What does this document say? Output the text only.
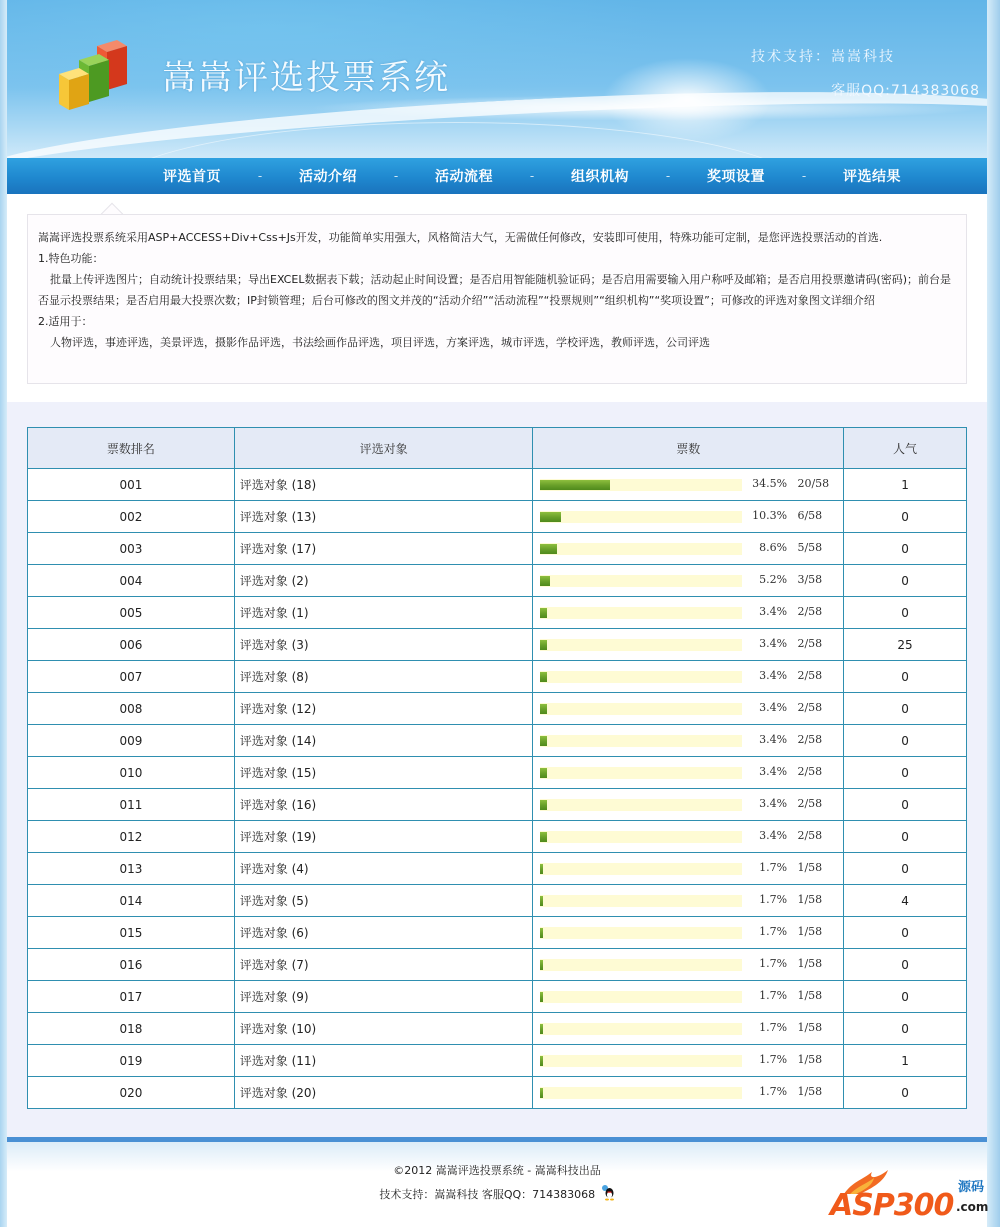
嵩嵩评选投票系统
技术支持：嵩嵩科技
客服QQ:714383068
评选首页	-	活动介绍	-	活动流程	-	组织机构	-	奖项设置	-	评选结果

嵩嵩评选投票系统采用ASP+ACCESS+Div+Css+Js开发，功能简单实用强大，风格简洁大气，无需做任何修改，安装即可使用，特殊功能可定制，是您评选投票活动的首选.

1.特色功能：

批量上传评选图片；自动统计投票结果；导出EXCEL数据表下载；活动起止时间设置；是否启用智能随机验证码；是否启用需要输入用户称呼及邮箱；是否启用投票邀请码(密码)；前台是否显示投票结果；是否启用最大投票次数；IP封锁管理；后台可修改的图文并茂的“活动介绍”“活动流程”“投票规则”“组织机构”“奖项设置”；可修改的评选对象图文详细介绍

2.适用于：

人物评选，事迹评选，美景评选，摄影作品评选，书法绘画作品评选，项目评选，方案评选，城市评选，学校评选，教师评选，公司评选

票数排名	评选对象	票数	人气
001	评选对象 (18)	34.5% 20/58	1
002	评选对象 (13)	10.3% 6/58	0
003	评选对象 (17)	8.6% 5/58	0
004	评选对象 (2)	5.2% 3/58	0
005	评选对象 (1)	3.4% 2/58	0
006	评选对象 (3)	3.4% 2/58	25
007	评选对象 (8)	3.4% 2/58	0
008	评选对象 (12)	3.4% 2/58	0
009	评选对象 (14)	3.4% 2/58	0
010	评选对象 (15)	3.4% 2/58	0
011	评选对象 (16)	3.4% 2/58	0
012	评选对象 (19)	3.4% 2/58	0
013	评选对象 (4)	1.7% 1/58	0
014	评选对象 (5)	1.7% 1/58	4
015	评选对象 (6)	1.7% 1/58	0
016	评选对象 (7)	1.7% 1/58	0
017	评选对象 (9)	1.7% 1/58	0
018	评选对象 (10)	1.7% 1/58	0
019	评选对象 (11)	1.7% 1/58	1
020	评选对象 (20)	1.7% 1/58	0
©2012 嵩嵩评选投票系统 - 嵩嵩科技出品
技术支持：嵩嵩科技 客服QQ：714383068	ASP300
源码
.com
